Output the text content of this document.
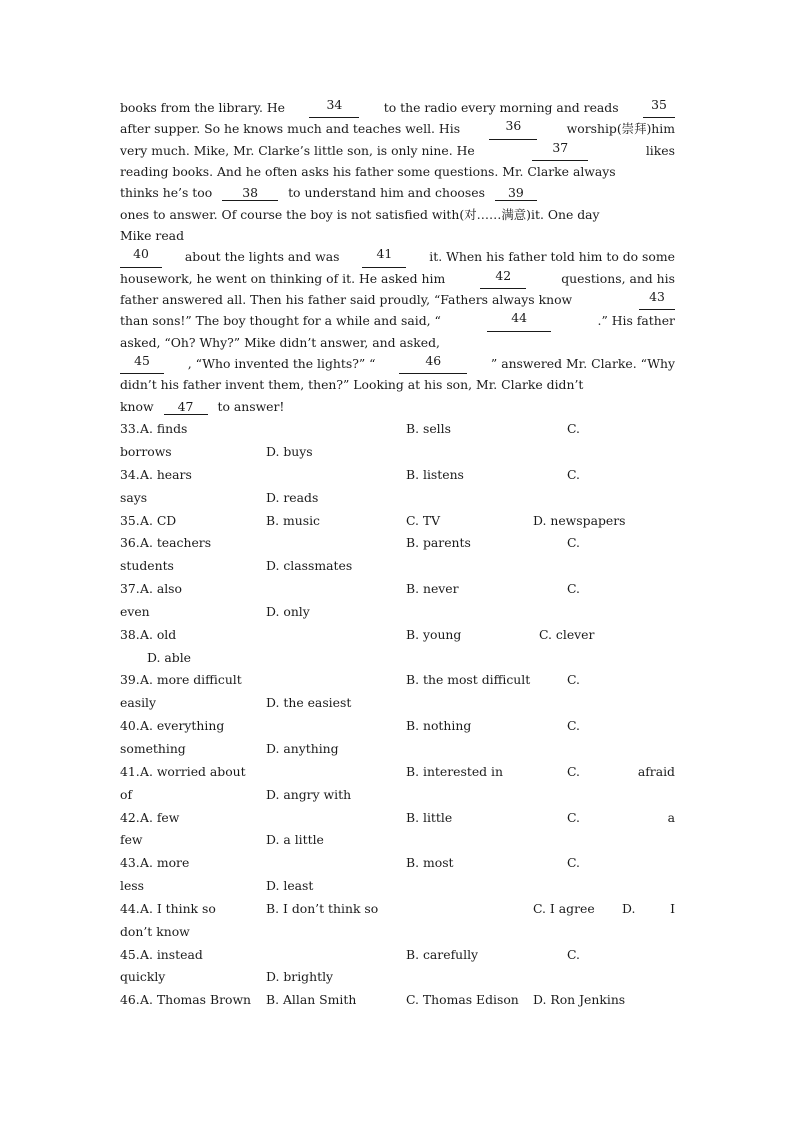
books from the library. He	34	to the radio every morning and reads	35
after supper. So he knows much and teaches well. His	36	worship(崇拜)him
very much. Mike, Mr. Clarke’s little son, is only nine. He	37	likes
reading books. And he often asks his father some questions. Mr. Clarke always
thinks he’s too 38 to understand him and chooses 39
ones to answer. Of course the boy is not satisfied with(对……满意)it. One day
Mike read
40	about the lights and was	41	it. When his father told him to do some
housework, he went on thinking of it. He asked him	42	questions, and his
father answered all. Then his father said proudly, “Fathers always know	43
than sons!” The boy thought for a while and said, “	44	.” His father
asked, “Oh? Why?” Mike didn’t answer, and asked,
45	, “Who invented the lights?” “	46	” answered Mr. Clarke. “Why
didn’t his father invent them, then?” Looking at his son, Mr. Clarke didn’t
know 47 to answer!
33. A. finds	B. sells	C.
borrows	D. buys
34. A. hears	B. listens	C.
says	D. reads
35. A. CD	B. music	C. TV	D. newspapers
36. A. teachers	B. parents	C.
students	D. classmates
37. A. also	B. never	C.
even	D. only
38. A. old	B. young	C. clever
D. able
39. A. more difficult	B. the most difficult	C.
easily	D. the easiest
40. A. everything	B. nothing	C.
something	D. anything
41. A. worried about	B. interested in	C.	afraid
of	D. angry with
42. A. few	B. little	C.	a
few	D. a little
43. A. more	B. most	C.
less	D. least
44. A. I think so	B. I don’t think so	C. I agree D.	I
don’t know
45. A. instead	B. carefully	C.
quickly	D. brightly
46. A. Thomas Brown B. Allan Smith	C. Thomas Edison D. Ron Jenkins
